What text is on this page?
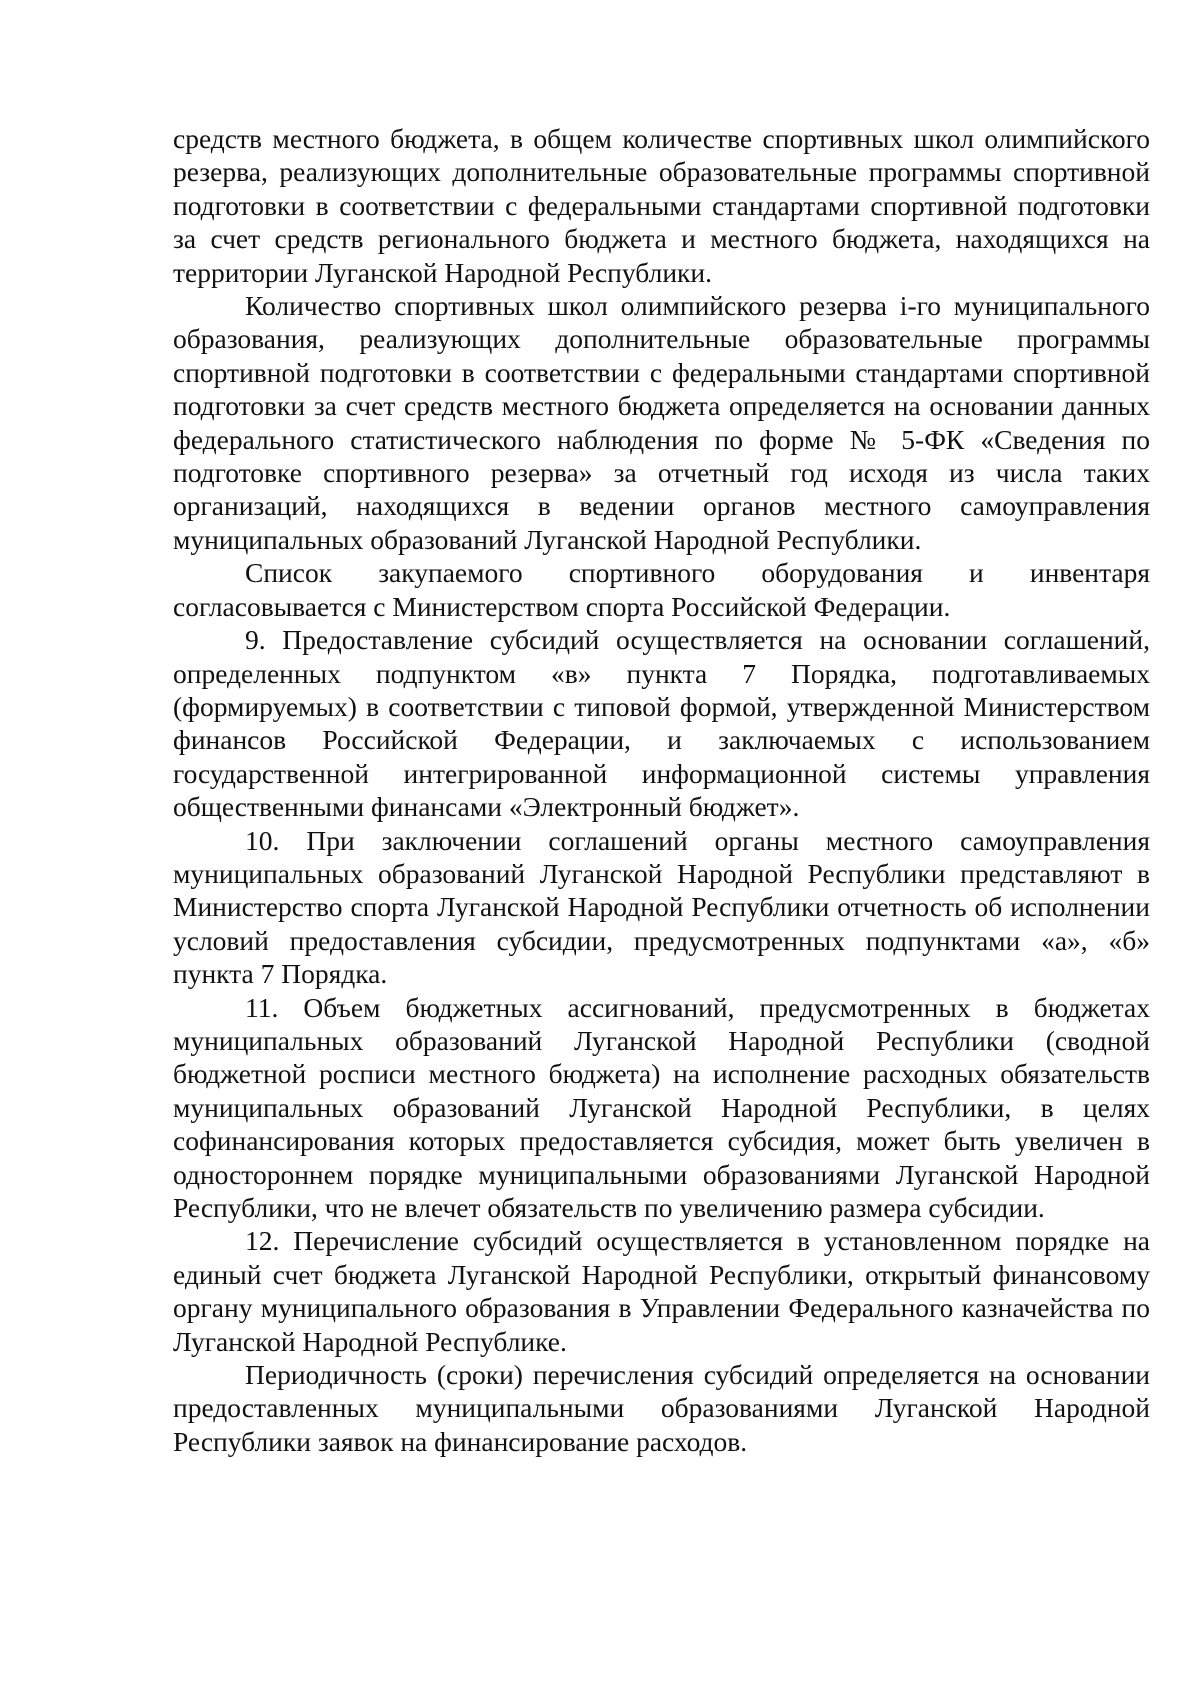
средств местного бюджета, в общем количестве спортивных школ олимпийского резерва, реализующих дополнительные образовательные программы спортивной подготовки в соответствии с федеральными стандартами спортивной подготовки за счет средств регионального бюджета и местного бюджета, находящихся на территории Луганской Народной Республики.

Количество спортивных школ олимпийского резерва i-го муниципального образования, реализующих дополнительные образовательные программы спортивной подготовки в соответствии с федеральными стандартами спортивной подготовки за счет средств местного бюджета определяется на основании данных федерального статистического наблюдения по форме № 5-ФК «Сведения по подготовке спортивного резерва» за отчетный год исходя из числа таких организаций, находящихся в ведении органов местного самоуправления муниципальных образований Луганской Народной Республики.

Список закупаемого спортивного оборудования и инвентаря согласовывается с Министерством спорта Российской Федерации.

9. Предоставление субсидий осуществляется на основании соглашений, определенных подпунктом «в» пункта 7 Порядка, подготавливаемых (формируемых) в соответствии с типовой формой, утвержденной Министерством финансов Российской Федерации, и заключаемых с использованием государственной интегрированной информационной системы управления общественными финансами «Электронный бюджет».

10. При заключении соглашений органы местного самоуправления муниципальных образований Луганской Народной Республики представляют в Министерство спорта Луганской Народной Республики отчетность об исполнении условий предоставления субсидии, предусмотренных подпунктами «а», «б» пункта 7 Порядка.

11. Объем бюджетных ассигнований, предусмотренных в бюджетах муниципальных образований Луганской Народной Республики (сводной бюджетной росписи местного бюджета) на исполнение расходных обязательств муниципальных образований Луганской Народной Республики, в целях софинансирования которых предоставляется субсидия, может быть увеличен в одностороннем порядке муниципальными образованиями Луганской Народной Республики, что не влечет обязательств по увеличению размера субсидии.

12. Перечисление субсидий осуществляется в установленном порядке на единый счет бюджета Луганской Народной Республики, открытый финансовому органу муниципального образования в Управлении Федерального казначейства по Луганской Народной Республике.

Периодичность (сроки) перечисления субсидий определяется на основании предоставленных муниципальными образованиями Луганской Народной Республики заявок на финансирование расходов.
